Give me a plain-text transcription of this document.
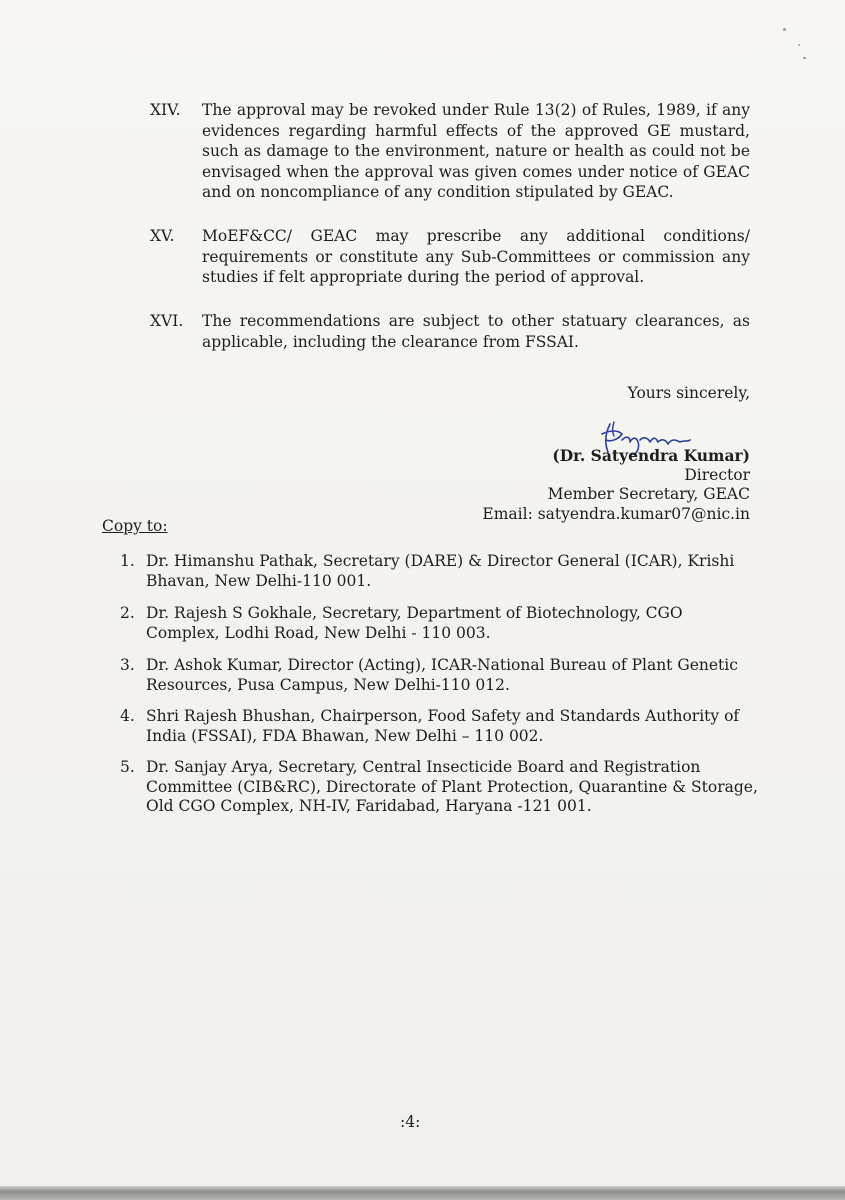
XIV. The approval may be revoked under Rule 13(2) of Rules, 1989, if any evidences regarding harmful effects of the approved GE mustard, such as damage to the environment, nature or health as could not be envisaged when the approval was given comes under notice of GEAC and on noncompliance of any condition stipulated by GEAC.
XV. MoEF&CC/ GEAC may prescribe any additional conditions/ requirements or constitute any Sub-Committees or commission any studies if felt appropriate during the period of approval.
XVI. The recommendations are subject to other statuary clearances, as applicable, including the clearance from FSSAI.
Yours sincerely,
(Dr. Satyendra Kumar)
Director
Member Secretary, GEAC
Email: satyendra.kumar07@nic.in
Copy to:
1. Dr. Himanshu Pathak, Secretary (DARE) & Director General (ICAR), Krishi Bhavan, New Delhi-110 001.
2. Dr. Rajesh S Gokhale, Secretary, Department of Biotechnology, CGO Complex, Lodhi Road, New Delhi - 110 003.
3. Dr. Ashok Kumar, Director (Acting), ICAR-National Bureau of Plant Genetic Resources, Pusa Campus, New Delhi-110 012.
4. Shri Rajesh Bhushan, Chairperson, Food Safety and Standards Authority of India (FSSAI), FDA Bhawan, New Delhi – 110 002.
5. Dr. Sanjay Arya, Secretary, Central Insecticide Board and Registration Committee (CIB&RC), Directorate of Plant Protection, Quarantine & Storage, Old CGO Complex, NH-IV, Faridabad, Haryana -121 001.
:4:
